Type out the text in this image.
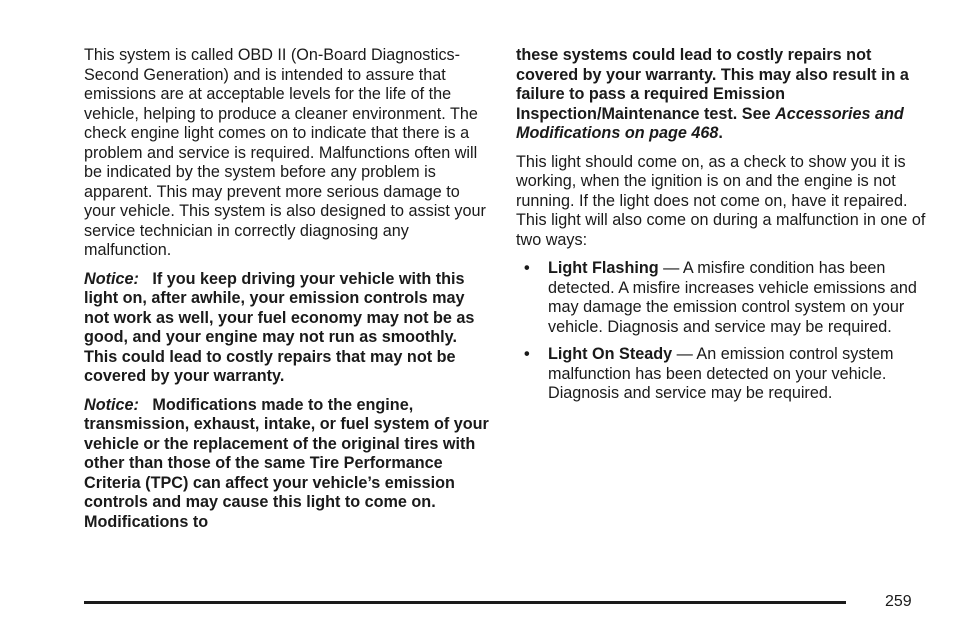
This system is called OBD II (On-Board Diagnostics-Second Generation) and is intended to assure that emissions are at acceptable levels for the life of the vehicle, helping to produce a cleaner environment. The check engine light comes on to indicate that there is a problem and service is required. Malfunctions often will be indicated by the system before any problem is apparent. This may prevent more serious damage to your vehicle. This system is also designed to assist your service technician in correctly diagnosing any malfunction.

Notice: If you keep driving your vehicle with this light on, after awhile, your emission controls may not work as well, your fuel economy may not be as good, and your engine may not run as smoothly. This could lead to costly repairs that may not be covered by your warranty.

Notice: Modifications made to the engine, transmission, exhaust, intake, or fuel system of your vehicle or the replacement of the original tires with other than those of the same Tire Performance Criteria (TPC) can affect your vehicle’s emission controls and may cause this light to come on. Modifications to

these systems could lead to costly repairs not covered by your warranty. This may also result in a failure to pass a required Emission Inspection/Maintenance test. See Accessories and Modifications on page 468.

This light should come on, as a check to show you it is working, when the ignition is on and the engine is not running. If the light does not come on, have it repaired. This light will also come on during a malfunction in one of two ways:

• Light Flashing — A misfire condition has been detected. A misfire increases vehicle emissions and may damage the emission control system on your vehicle. Diagnosis and service may be required.
• Light On Steady — An emission control system malfunction has been detected on your vehicle. Diagnosis and service may be required.
259
